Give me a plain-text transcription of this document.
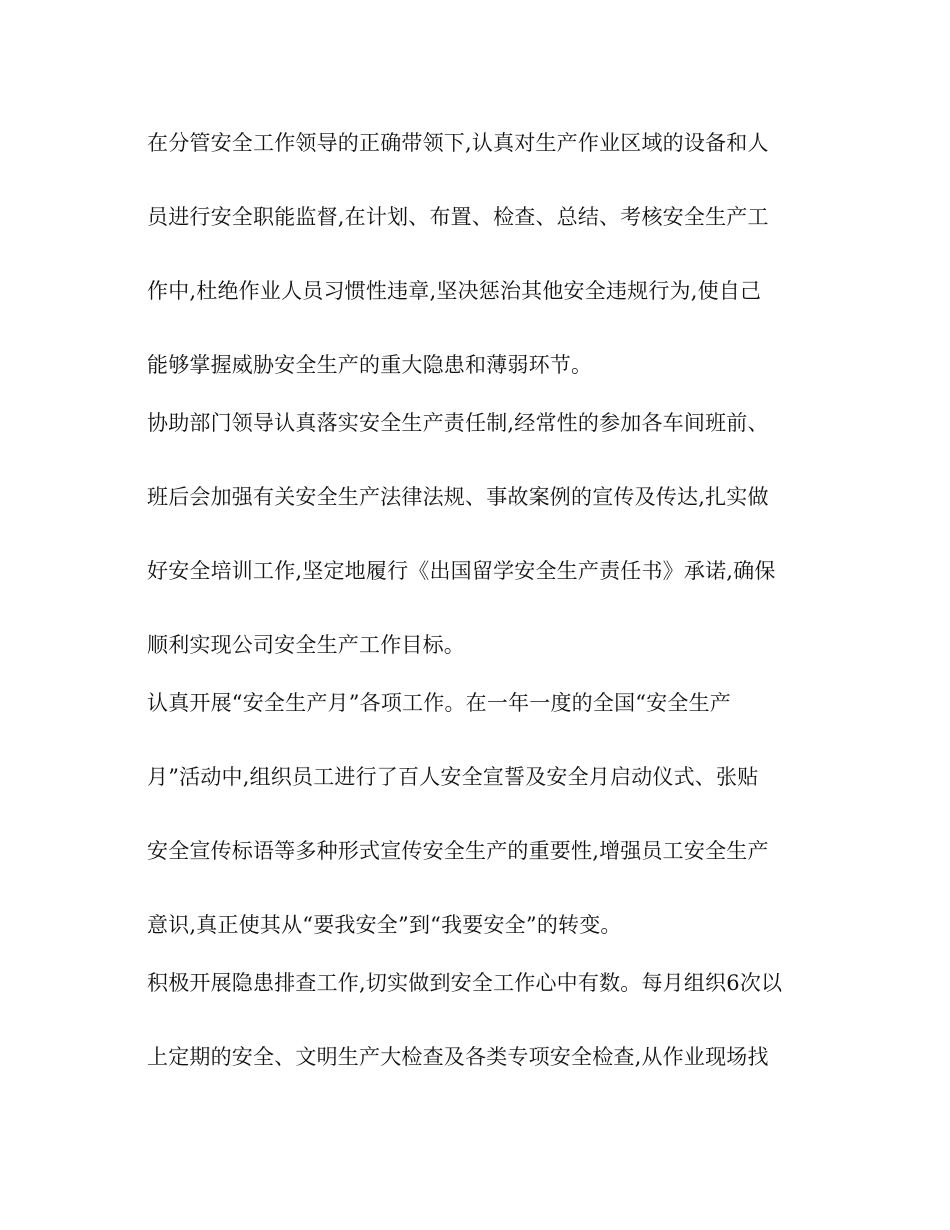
在分管安全工作领导的正确带领下,认真对生产作业区域的设备和人
员进行安全职能监督,在计划、布置、检查、总结、考核安全生产工
作中,杜绝作业人员习惯性违章,坚决惩治其他安全违规行为,使自己
能够掌握威胁安全生产的重大隐患和薄弱环节。
协助部门领导认真落实安全生产责任制,经常性的参加各车间班前、
班后会加强有关安全生产法律法规、事故案例的宣传及传达,扎实做
好安全培训工作,坚定地履行《出国留学安全生产责任书》承诺,确保
顺利实现公司安全生产工作目标。
认真开展“安全生产月”各项工作。在一年一度的全国“安全生产
月”活动中,组织员工进行了百人安全宣誓及安全月启动仪式、张贴
安全宣传标语等多种形式宣传安全生产的重要性,增强员工安全生产
意识,真正使其从“要我安全”到“我要安全”的转变。
积极开展隐患排查工作,切实做到安全工作心中有数。每月组织6次以
上定期的安全、文明生产大检查及各类专项安全检查,从作业现场找
